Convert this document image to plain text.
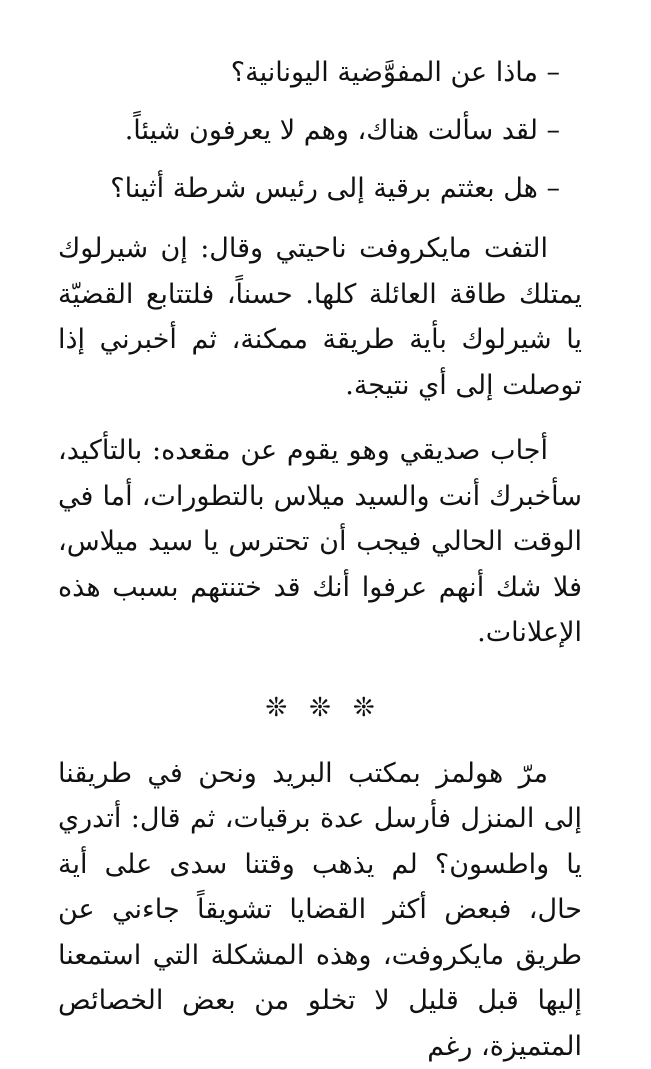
– ماذا عن المفوَّضية اليونانية؟

– لقد سألت هناك، وهم لا يعرفون شيئاً.

– هل بعثتم برقية إلى رئيس شرطة أثينا؟

التفت مايكروفت ناحيتي وقال: إن شيرلوك يمتلك طاقة العائلة كلها. حسناً، فلتتابع القضيّة يا شيرلوك بأية طريقة ممكنة، ثم أخبرني إذا توصلت إلى أي نتيجة.

أجاب صديقي وهو يقوم عن مقعده: بالتأكيد، سأخبرك أنت والسيد ميلاس بالتطورات، أما في الوقت الحالي فيجب أن تحترس يا سيد ميلاس، فلا شك أنهم عرفوا أنك قد ختنتهم بسبب هذه الإعلانات.

❊❊❊

مرّ هولمز بمكتب البريد ونحن في طريقنا إلى المنزل فأرسل عدة برقيات، ثم قال: أتدري يا واطسون؟ لم يذهب وقتنا سدى على أية حال، فبعض أكثر القضايا تشويقاً جاءني عن طريق مايكروفت، وهذه المشكلة التي استمعنا إليها قبل قليل لا تخلو من بعض الخصائص المتميزة، رغم
